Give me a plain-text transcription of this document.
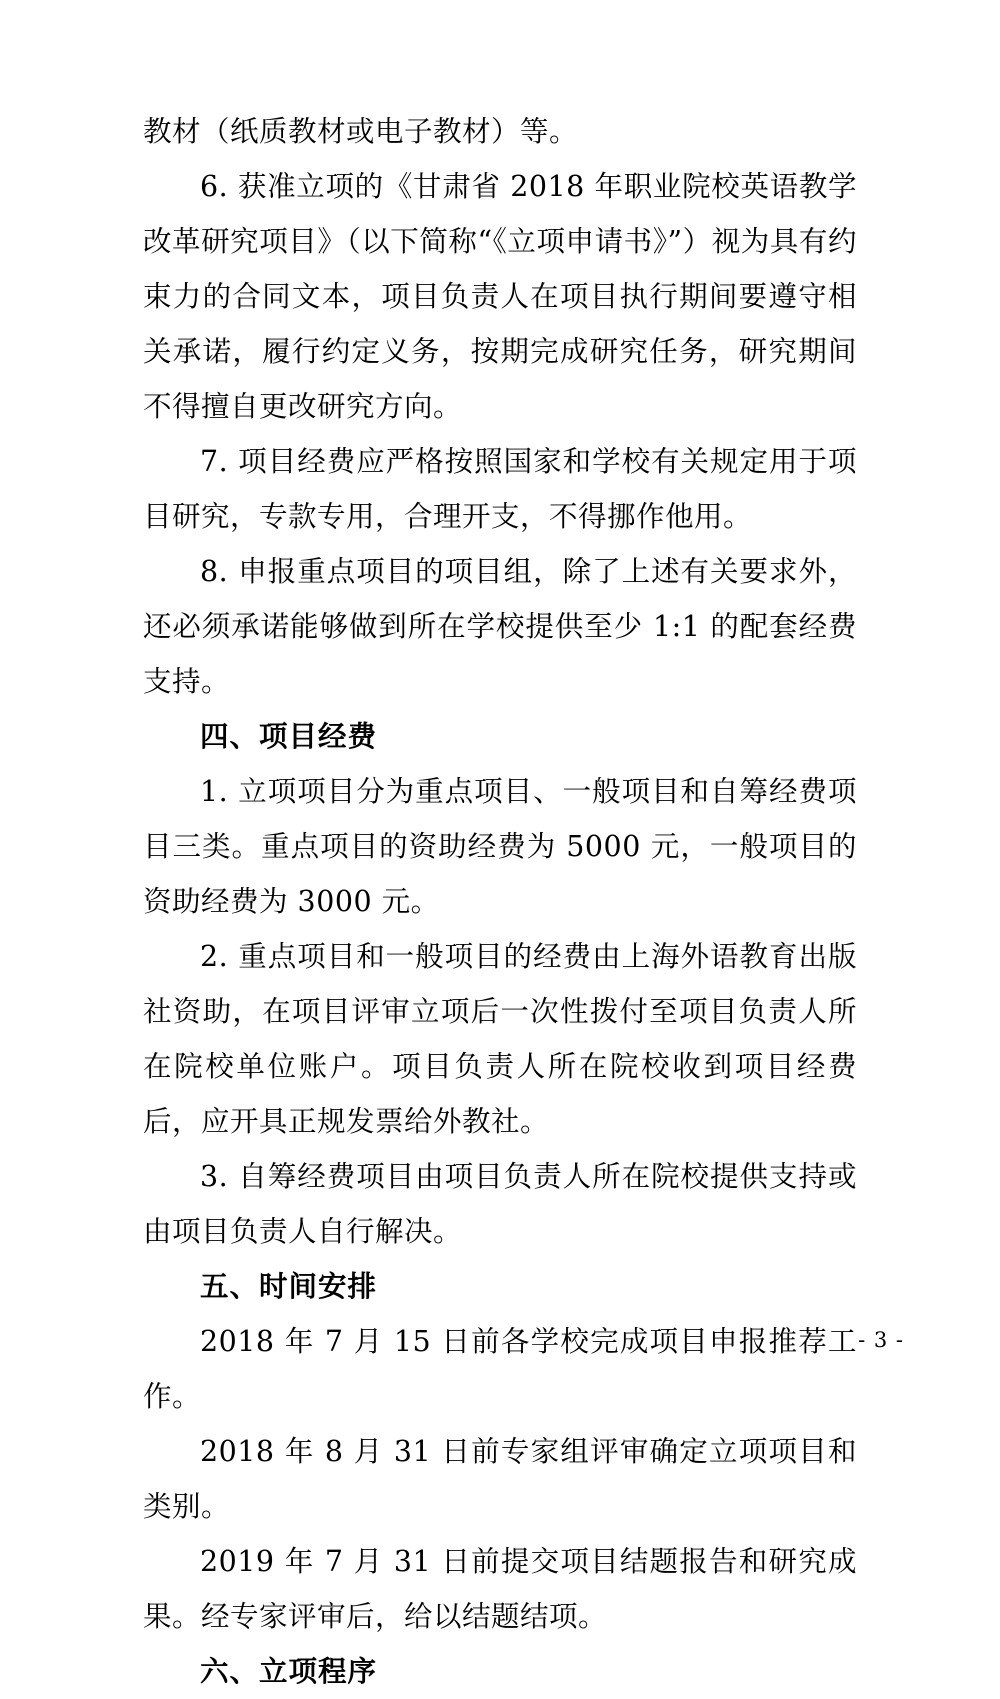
教材（纸质教材或电子教材）等。

6. 获准立项的《甘肃省 2018 年职业院校英语教学改革研究项目》（以下简称“《立项申请书》”）视为具有约束力的合同文本，项目负责人在项目执行期间要遵守相关承诺，履行约定义务，按期完成研究任务，研究期间不得擅自更改研究方向。

7. 项目经费应严格按照国家和学校有关规定用于项目研究，专款专用，合理开支，不得挪作他用。

8. 申报重点项目的项目组，除了上述有关要求外，还必须承诺能够做到所在学校提供至少 1:1 的配套经费支持。

四、项目经费

1. 立项项目分为重点项目、一般项目和自筹经费项目三类。重点项目的资助经费为 5000 元，一般项目的资助经费为 3000 元。

2. 重点项目和一般项目的经费由上海外语教育出版社资助，在项目评审立项后一次性拨付至项目负责人所在院校单位账户。项目负责人所在院校收到项目经费后，应开具正规发票给外教社。

3. 自筹经费项目由项目负责人所在院校提供支持或由项目负责人自行解决。

五、时间安排

2018 年 7 月 15 日前各学校完成项目申报推荐工作。

2018 年 8 月 31 日前专家组评审确定立项项目和类别。

2019 年 7 月 31 日前提交项目结题报告和研究成果。经专家评审后，给以结题结项。

六、立项程序

- 3 -
